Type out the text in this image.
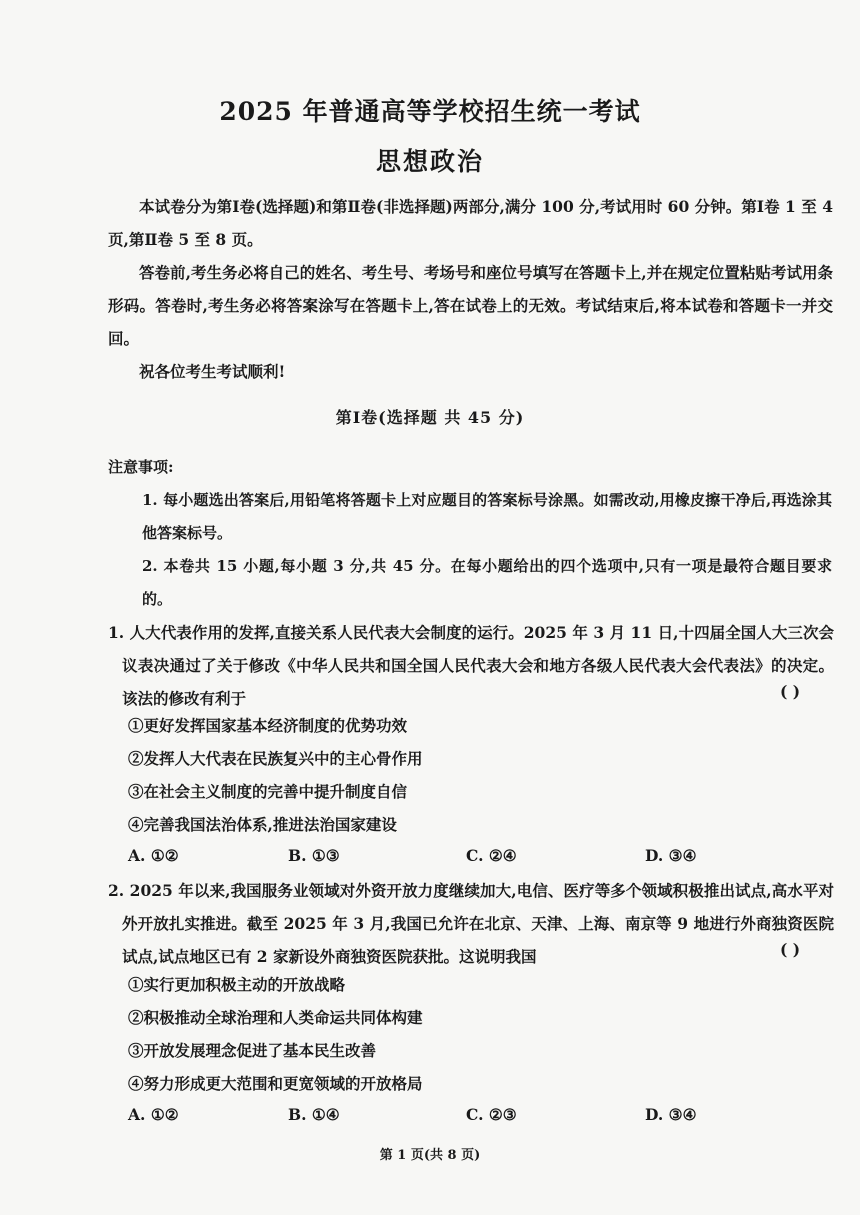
2025 年普通高等学校招生统一考试
思想政治
本试卷分为第Ⅰ卷(选择题)和第Ⅱ卷(非选择题)两部分,满分 100 分,考试用时 60 分钟。第Ⅰ卷 1 至 4 页,第Ⅱ卷 5 至 8 页。
答卷前,考生务必将自己的姓名、考生号、考场号和座位号填写在答题卡上,并在规定位置粘贴考试用条形码。答卷时,考生务必将答案涂写在答题卡上,答在试卷上的无效。考试结束后,将本试卷和答题卡一并交回。
祝各位考生考试顺利!
第Ⅰ卷(选择题 共 45 分)
注意事项:
1. 每小题选出答案后,用铅笔将答题卡上对应题目的答案标号涂黑。如需改动,用橡皮擦干净后,再选涂其他答案标号。
2. 本卷共 15 小题,每小题 3 分,共 45 分。在每小题给出的四个选项中,只有一项是最符合题目要求的。
1. 人大代表作用的发挥,直接关系人民代表大会制度的运行。2025 年 3 月 11 日,十四届全国人大三次会议表决通过了关于修改《中华人民共和国全国人民代表大会和地方各级人民代表大会代表法》的决定。该法的修改有利于	( )
①更好发挥国家基本经济制度的优势功效
②发挥人大代表在民族复兴中的主心骨作用
③在社会主义制度的完善中提升制度自信
④完善我国法治体系,推进法治国家建设
A. ①②	B. ①③	C. ②④	D. ③④
2. 2025 年以来,我国服务业领域对外资开放力度继续加大,电信、医疗等多个领域积极推出试点,高水平对外开放扎实推进。截至 2025 年 3 月,我国已允许在北京、天津、上海、南京等 9 地进行外商独资医院试点,试点地区已有 2 家新设外商独资医院获批。这说明我国	( )
①实行更加积极主动的开放战略
②积极推动全球治理和人类命运共同体构建
③开放发展理念促进了基本民生改善
④努力形成更大范围和更宽领域的开放格局
A. ①②	B. ①④	C. ②③	D. ③④
第 1 页(共 8 页)
